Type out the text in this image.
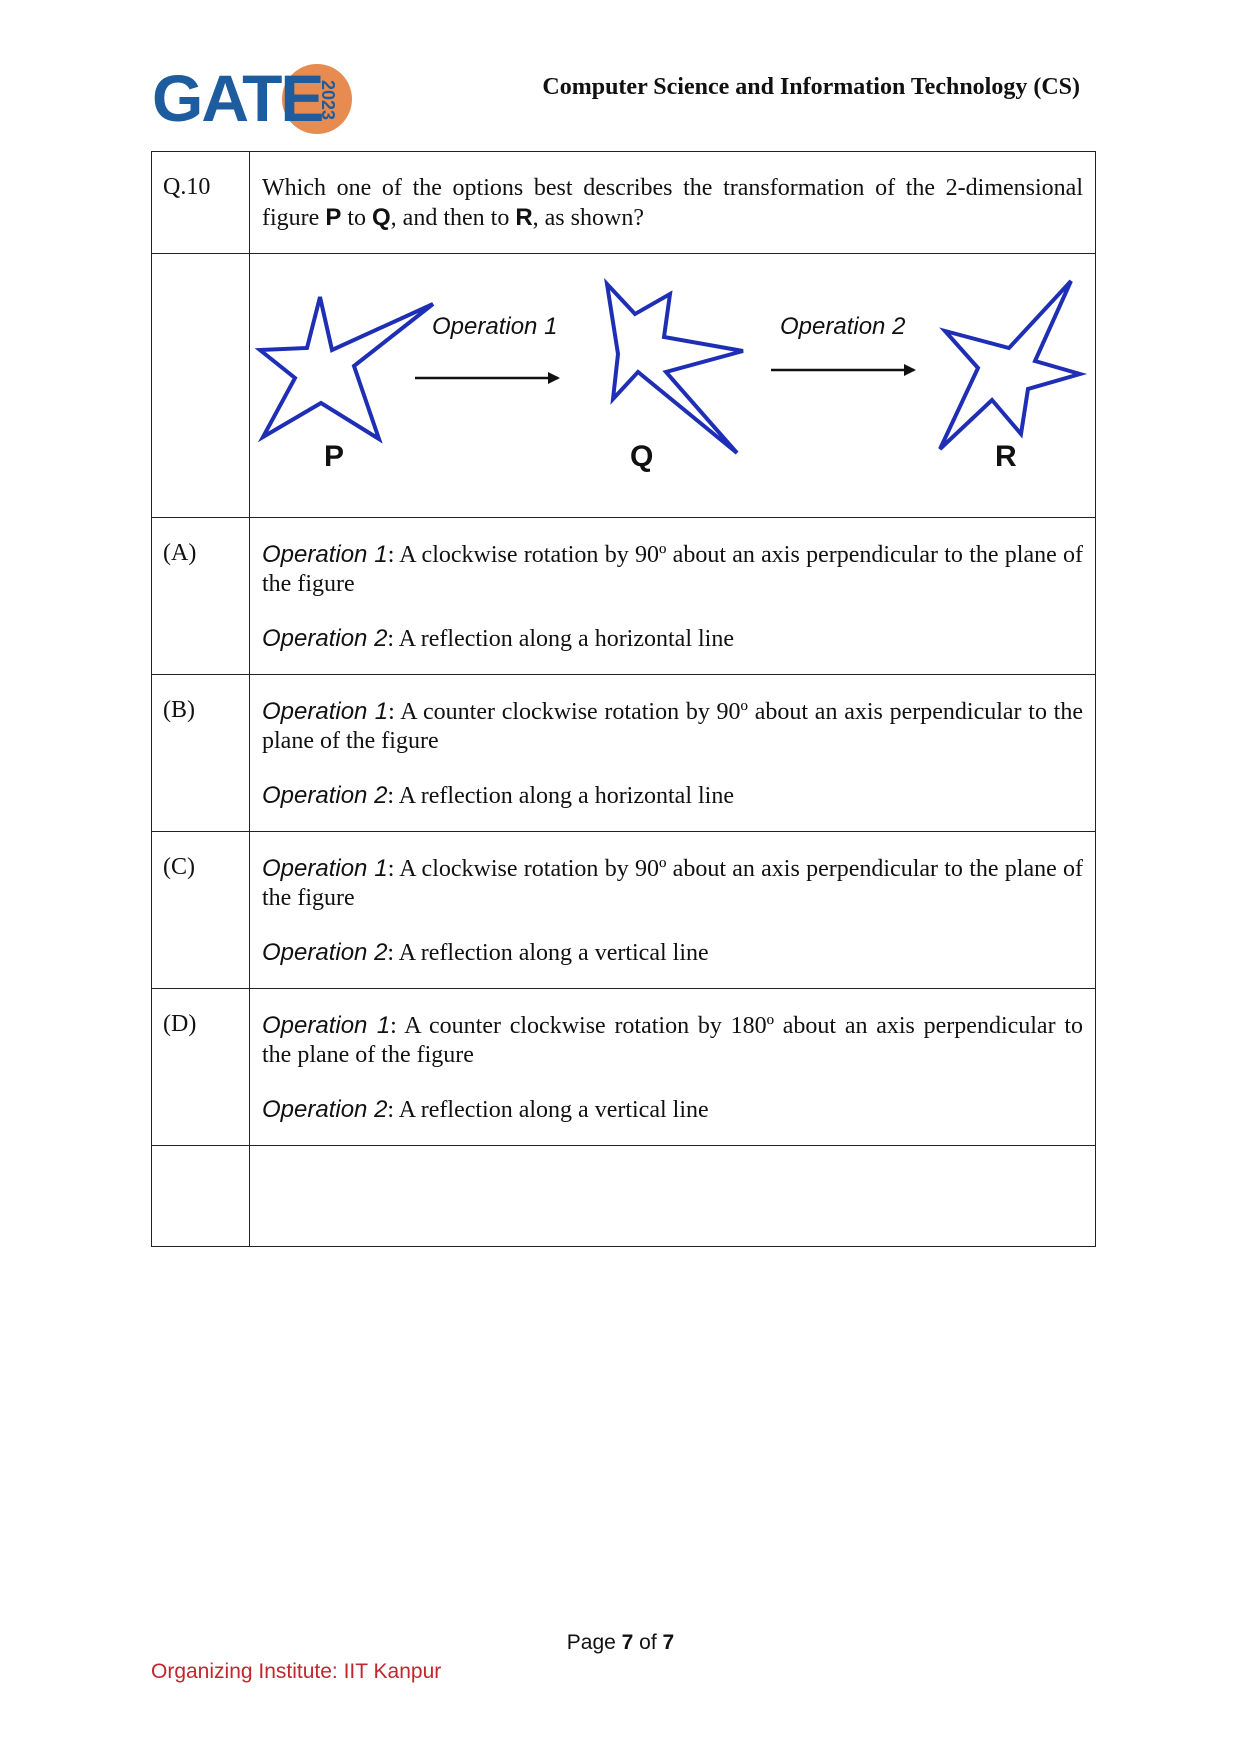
GATE
2023	Computer Science and Information Technology (CS)
Q.10	Which one of the options best describes the transformation of the 2-dimensional figure P to Q, and then to R, as shown?

Operation 1 Operation 2
P Q R

(A)	Operation 1: A clockwise rotation by 90º about an axis perpendicular to the plane of the figure
Operation 2: A reflection along a horizontal line

(B)	Operation 1: A counter clockwise rotation by 90º about an axis perpendicular to the plane of the figure
Operation 2: A reflection along a horizontal line

(C)	Operation 1: A clockwise rotation by 90º about an axis perpendicular to the plane of the figure
Operation 2: A reflection along a vertical line

(D)	Operation 1: A counter clockwise rotation by 180º about an axis perpendicular to the plane of the figure
Operation 2: A reflection along a vertical line

Page 7 of 7
Organizing Institute: IIT Kanpur
